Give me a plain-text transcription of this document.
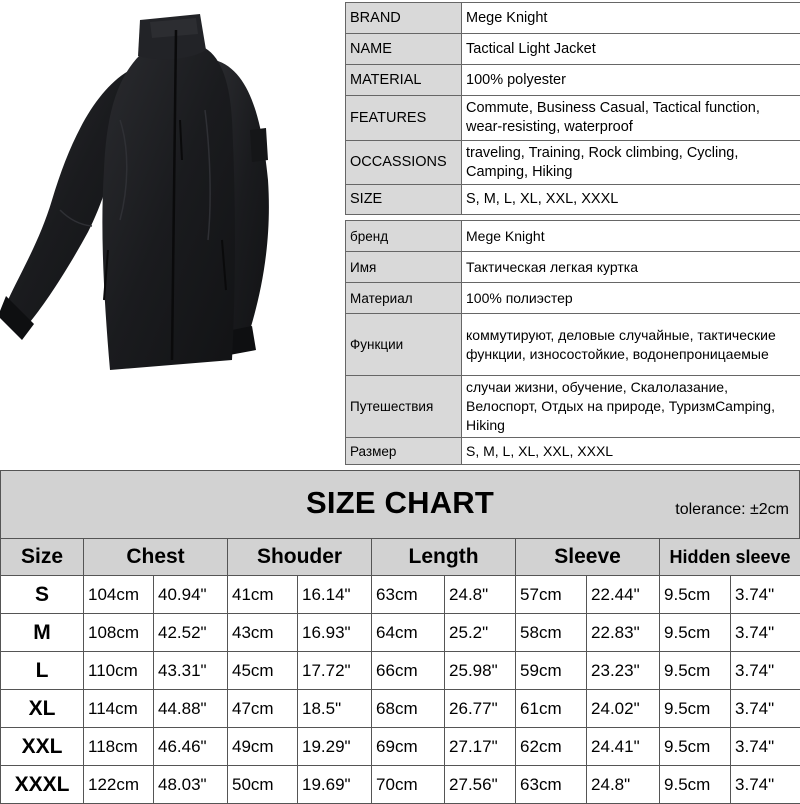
BRAND	Mege Knight
NAME	Tactical Light Jacket
MATERIAL	100% polyester
FEATURES	Commute, Business Casual, Tactical function, wear-resisting, waterproof
OCCASSIONS	traveling, Training, Rock climbing, Cycling, Camping, Hiking
SIZE	S, M, L, XL, XXL, XXXL
бренд	Mege Knight
Имя	Тактическая легкая куртка
Материал	100% полиэстер
Функции	коммутируют, деловые случайные, тактические функции, износостойкие, водонепроницаемые
Путешествия	случаи жизни, обучение, Скалолазание, Велоспорт, Отдых на природе, ТуризмCamping, Hiking
Размер	S, M, L, XL, XXL, XXXL
SIZE CHART	tolerance: ±2cm
Size	Chest		Shouder		Length		Sleeve		Hidden sleeve	
S	104cm	40.94"	41cm	16.14"	63cm	24.8"	57cm	22.44"	9.5cm	3.74"
M	108cm	42.52"	43cm	16.93"	64cm	25.2"	58cm	22.83"	9.5cm	3.74"
L	110cm	43.31"	45cm	17.72"	66cm	25.98"	59cm	23.23"	9.5cm	3.74"
XL	114cm	44.88"	47cm	18.5"	68cm	26.77"	61cm	24.02"	9.5cm	3.74"
XXL	118cm	46.46"	49cm	19.29"	69cm	27.17"	62cm	24.41"	9.5cm	3.74"
XXXL	122cm	48.03"	50cm	19.69"	70cm	27.56"	63cm	24.8"	9.5cm	3.74"
